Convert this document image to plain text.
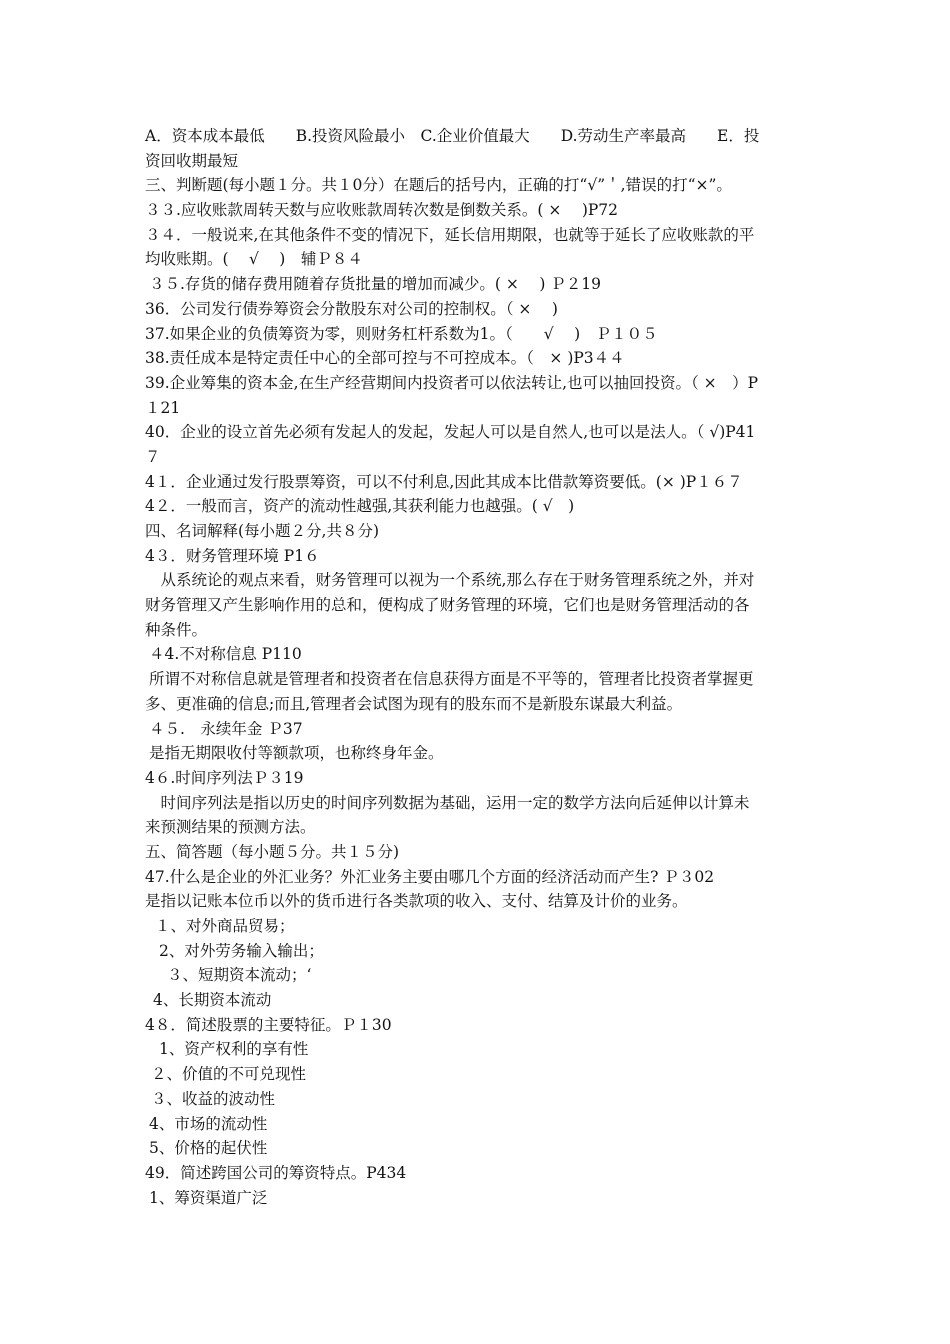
A．资本成本最低　　B.投资风险最小　C.企业价值最大　　D.劳动生产率最高　　E．投
资回收期最短
三、判断题(每小题１分。共１0分）在题后的括号内，正确的打“√”＇,错误的打“×”。
３３.应收账款周转天数与应收账款周转次数是倒数关系。( ×　 )P72
３４．一般说来,在其他条件不变的情况下，延长信用期限，也就等于延长了应收账款的平
均收账期。(　 √　 )　辅Ｐ８４
３５.存货的储存费用随着存货批量的增加而减少。( ×　 ) Ｐ２19
36．公司发行债券筹资会分散股东对公司的控制权。（ ×　 )
37.如果企业的负债筹资为零，则财务杠杆系数为1。（　　√　 )　Ｐ１０５
38.责任成本是特定责任中心的全部可控与不可控成本。（　× )P3４４
39.企业筹集的资本金,在生产经营期间内投资者可以依法转让,也可以抽回投资。（ ×　）P
１21
40．企业的设立首先必须有发起人的发起，发起人可以是自然人,也可以是法人。（ √)P41
７
4１．企业通过发行股票筹资，可以不付利息,因此其成本比借款筹资要低。(× )P１６７
4２．一般而言，资产的流动性越强,其获利能力也越强。( √　)
四、名词解释(每小题２分,共８分)
4３．财务管理环境 P1６
　从系统论的观点来看，财务管理可以视为一个系统,那么存在于财务管理系统之外，并对
财务管理又产生影响作用的总和，便构成了财务管理的环境，它们也是财务管理活动的各
种条件。
４4.不对称信息 P110
所谓不对称信息就是管理者和投资者在信息获得方面是不平等的，管理者比投资者掌握更
多、更准确的信息;而且,管理者会试图为现有的股东而不是新股东谋最大利益。
４５.　永续年金 Ｐ37
是指无期限收付等额款项，也称终身年金。
4６.时间序列法Ｐ３19
　时间序列法是指以历史的时间序列数据为基础，运用一定的数学方法向后延伸以计算未
来预测结果的预测方法。
五、简答题（每小题５分。共１５分)
47.什么是企业的外汇业务？外汇业务主要由哪几个方面的经济活动而产生? Ｐ３02
是指以记账本位币以外的货币进行各类款项的收入、支付、结算及计价的业务。
１、对外商品贸易；
2、对外劳务输入输出；
３、短期资本流动；‘
4、长期资本流动
4８．简述股票的主要特征。Ｐ１30
1、资产权利的享有性
２、价值的不可兑现性
３、收益的波动性
4、市场的流动性
5、价格的起伏性
49．简述跨国公司的筹资特点。P434
1、筹资渠道广泛
